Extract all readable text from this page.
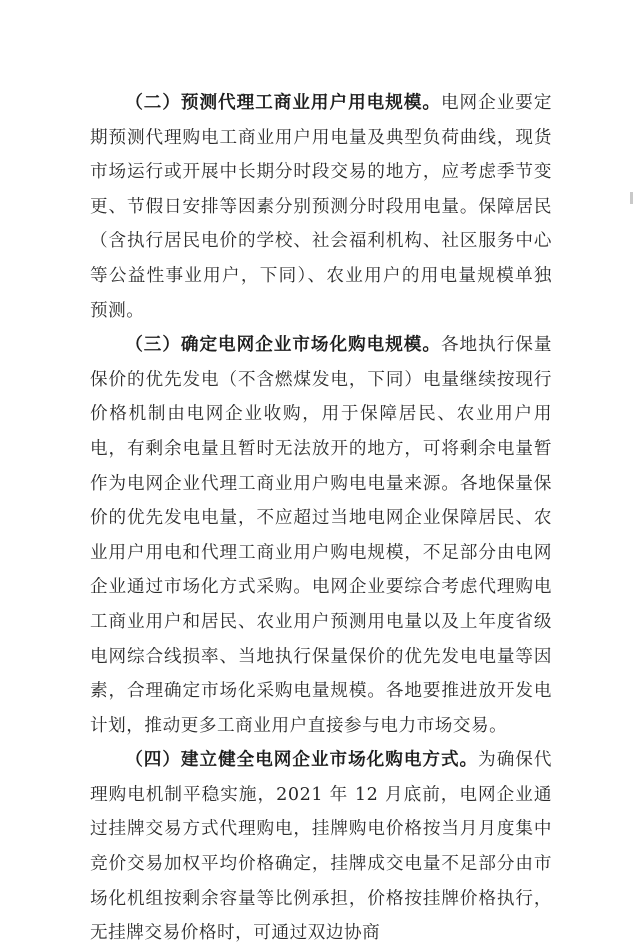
（二）预测代理工商业用户用电规模。电网企业要定期预测代理购电工商业用户用电量及典型负荷曲线，现货市场运行或开展中长期分时段交易的地方，应考虑季节变更、节假日安排等因素分别预测分时段用电量。保障居民（含执行居民电价的学校、社会福利机构、社区服务中心等公益性事业用户，下同）、农业用户的用电量规模单独预测。

（三）确定电网企业市场化购电规模。各地执行保量保价的优先发电（不含燃煤发电，下同）电量继续按现行价格机制由电网企业收购，用于保障居民、农业用户用电，有剩余电量且暂时无法放开的地方，可将剩余电量暂作为电网企业代理工商业用户购电电量来源。各地保量保价的优先发电电量，不应超过当地电网企业保障居民、农业用户用电和代理工商业用户购电规模，不足部分由电网企业通过市场化方式采购。电网企业要综合考虑代理购电工商业用户和居民、农业用户预测用电量以及上年度省级电网综合线损率、当地执行保量保价的优先发电电量等因素，合理确定市场化采购电量规模。各地要推进放开发电计划，推动更多工商业用户直接参与电力市场交易。

（四）建立健全电网企业市场化购电方式。为确保代理购电机制平稳实施，2021 年 12 月底前，电网企业通过挂牌交易方式代理购电，挂牌购电价格按当月月度集中竞价交易加权平均价格确定，挂牌成交电量不足部分由市场化机组按剩余容量等比例承担，价格按挂牌价格执行，无挂牌交易价格时，可通过双边协商
